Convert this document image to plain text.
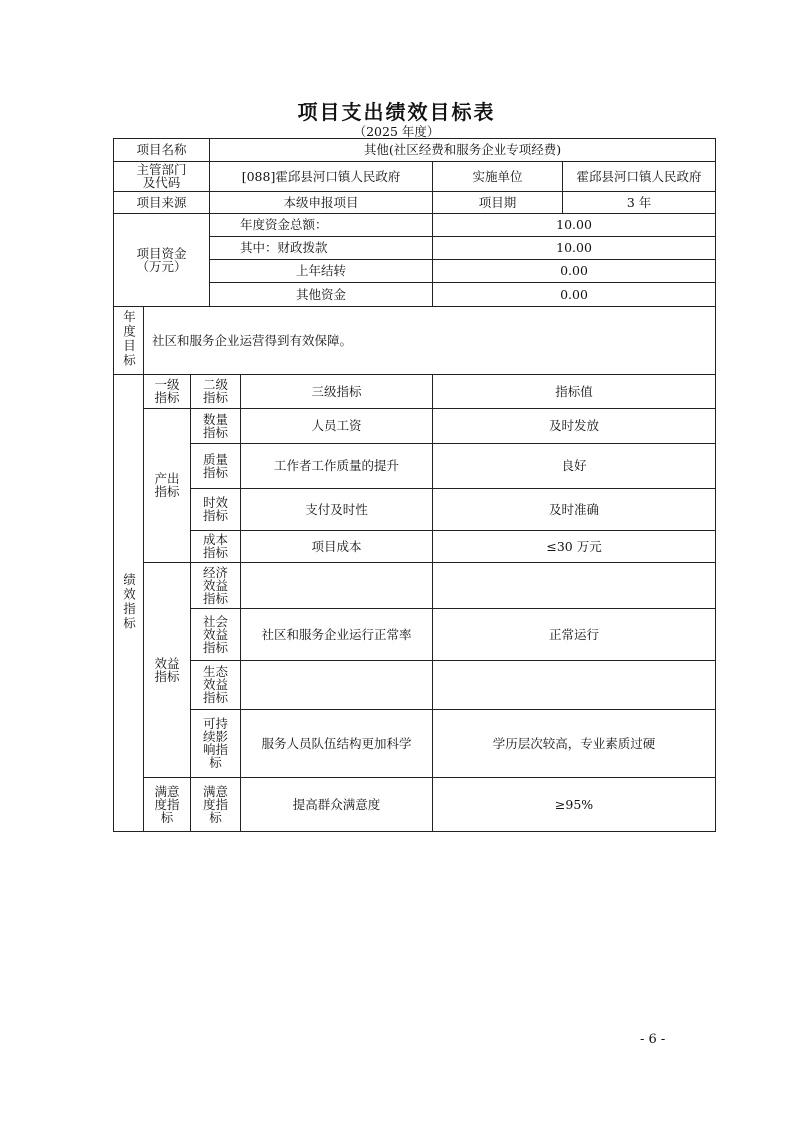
项目支出绩效目标表
（2025 年度）
项目名称			其他(社区经费和服务企业专项经费)			
主管部门及代码			[088]霍邱县河口镇人民政府		实施单位	霍邱县河口镇人民政府
项目来源			本级申报项目		项目期	3 年
项目资金（万元）			年度资金总额：		10.00	
			其中：财政拨款		10.00	
			上年结转		0.00	
			其他资金		0.00	
年度目标	社区和服务企业运营得到有效保障。					
绩效指标	一级指标	二级指标		三级指标	指标值	
	产出指标	数量指标		人员工资	及时发放	
		质量指标		工作者工作质量的提升	良好	
		时效指标		支付及时性	及时准确	
		成本指标		项目成本	≤30 万元	
	效益指标	经济效益指标				
		社会效益指标		社区和服务企业运行正常率	正常运行	
		生态效益指标				
		可持续影响指标		服务人员队伍结构更加科学	学历层次较高，专业素质过硬	
	满意度指标	满意度指标		提高群众满意度	≥95%	
- 6 -
